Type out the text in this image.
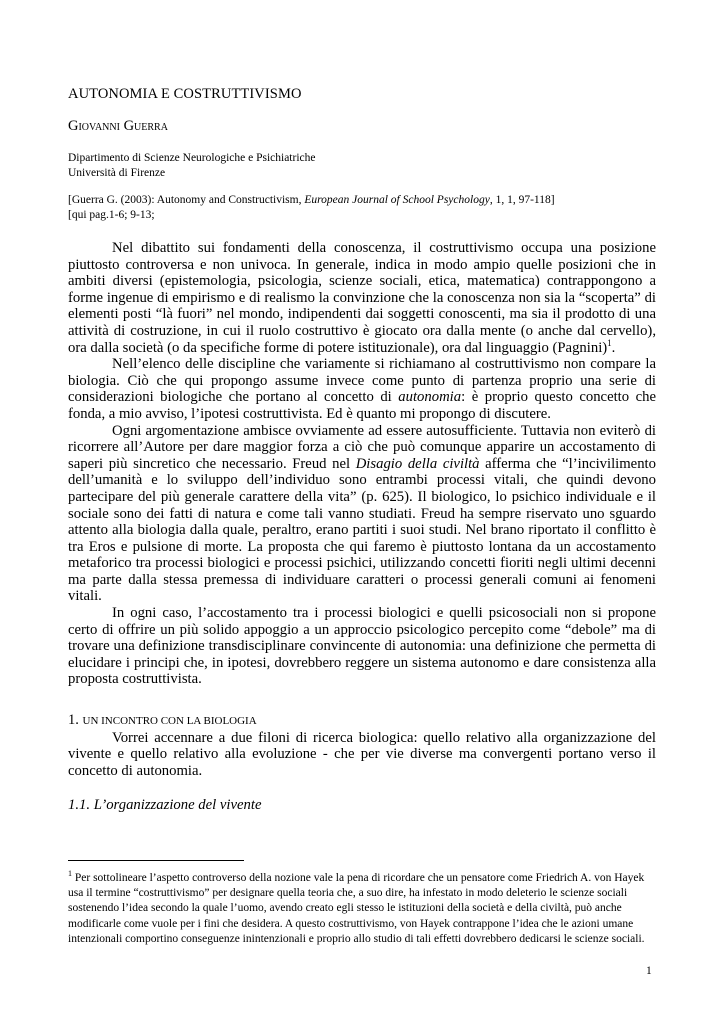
AUTONOMIA E COSTRUTTIVISMO
Giovanni Guerra
Dipartimento di Scienze Neurologiche e Psichiatriche
Università di Firenze
[Guerra G. (2003): Autonomy and Constructivism, European Journal of School Psychology, 1, 1, 97-118]
[qui pag.1-6; 9-13;

Nel dibattito sui fondamenti della conoscenza, il costruttivismo occupa una posizione piuttosto controversa e non univoca. In generale, indica in modo ampio quelle posizioni che in ambiti diversi (epistemologia, psicologia, scienze sociali, etica, matematica) contrappongono a forme ingenue di empirismo e di realismo la convinzione che la conoscenza non sia la “scoperta” di elementi posti “là fuori” nel mondo, indipendenti dai soggetti conoscenti, ma sia il prodotto di una attività di costruzione, in cui il ruolo costruttivo è giocato ora dalla mente (o anche dal cervello), ora dalla società (o da specifiche forme di potere istituzionale), ora dal linguaggio (Pagnini)$^1$.

Nell’elenco delle discipline che variamente si richiamano al costruttivismo non compare la biologia. Ciò che qui propongo assume invece come punto di partenza proprio una serie di considerazioni biologiche che portano al concetto di autonomia: è proprio questo concetto che fonda, a mio avviso, l’ipotesi costruttivista. Ed è quanto mi propongo di discutere.

Ogni argomentazione ambisce ovviamente ad essere autosufficiente. Tuttavia non eviterò di ricorrere all’Autore per dare maggior forza a ciò che può comunque apparire un accostamento di saperi più sincretico che necessario. Freud nel Disagio della civiltà afferma che “l’incivilimento dell’umanità e lo sviluppo dell’individuo sono entrambi processi vitali, che quindi devono partecipare del più generale carattere della vita” (p. 625). Il biologico, lo psichico individuale e il sociale sono dei fatti di natura e come tali vanno studiati. Freud ha sempre riservato uno sguardo attento alla biologia dalla quale, peraltro, erano partiti i suoi studi. Nel brano riportato il conflitto è tra Eros e pulsione di morte. La proposta che qui faremo è piuttosto lontana da un accostamento metaforico tra processi biologici e processi psichici, utilizzando concetti fioriti negli ultimi decenni ma parte dalla stessa premessa di individuare caratteri o processi generali comuni ai fenomeni vitali.

In ogni caso, l’accostamento tra i processi biologici e quelli psicosociali non si propone certo di offrire un più solido appoggio a un approccio psicologico percepito come “debole” ma di trovare una definizione transdisciplinare convincente di autonomia: una definizione che permetta di elucidare i principi che, in ipotesi, dovrebbero reggere un sistema autonomo e dare consistenza alla proposta costruttivista.

1. UN INCONTRO CON LA BIOLOGIA

Vorrei accennare a due filoni di ricerca biologica: quello relativo alla organizzazione del vivente e quello relativo alla evoluzione - che per vie diverse ma convergenti portano verso il concetto di autonomia.

1.1. L’organizzazione del vivente
$^1$ Per sottolineare l’aspetto controverso della nozione vale la pena di ricordare che un pensatore come Friedrich A. von Hayek usa il termine “costruttivismo” per designare quella teoria che, a suo dire, ha infestato in modo deleterio le scienze sociali sostenendo l’idea secondo la quale l’uomo, avendo creato egli stesso le istituzioni della società e della civiltà, può anche modificarle come vuole per i fini che desidera. A questo costruttivismo, von Hayek contrappone l’idea che le azioni umane intenzionali comportino conseguenze inintenzionali e proprio allo studio di tali effetti dovrebbero dedicarsi le scienze sociali.
1
